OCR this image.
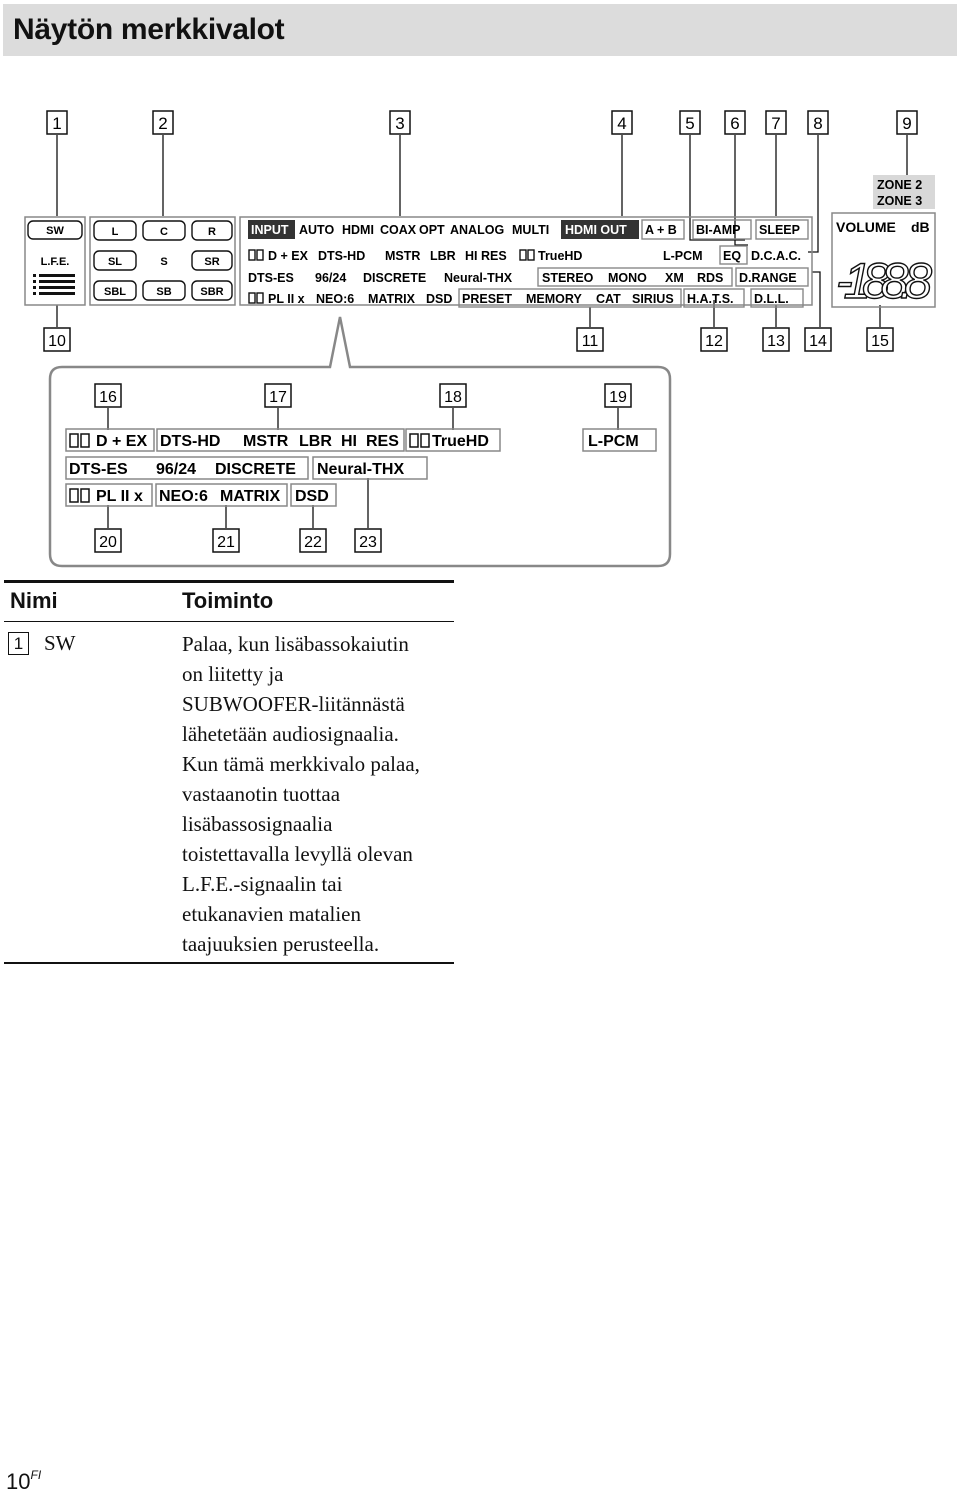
Näytön merkkivalot
1	2	3	4	5 6 7 8	9
10	11	12	13 14	15
SW
L.F.E.
L	C	R
SL	S	SR
SBL	SB	SBR
INPUT AUTO HDMI COAX OPT ANALOG MULTI HDMI OUT A + B BI-AMP SLEEP
D + EX DTS-HD MSTR LBR HI RES	TrueHD	L-PCM EQ D.C.A.C.
DTS-ES 96/24 DISCRETE Neural-THX STEREO MONO XM RDS D.RANGE
PL II x NEO:6 MATRIX DSD PRESET MEMORY CAT SIRIUS H.A.T.S. D.L.L.
ZONE 2
ZONE 3
VOLUME dB
-188.8
16	17	18	19
20	21	22 23
D + EX DTS-HD MSTR LBR HI RES TrueHD	L-PCM
DTS-ES 96/24 DISCRETE Neural-THX
PL II x NEO:6 MATRIX DSD
Nimi	Toiminto
1 SW	Palaa, kun lisäbassokaiutin
on liitetty ja
SUBWOOFER-liitännästä
lähetetään audiosignaalia.
Kun tämä merkkivalo palaa,
vastaanotin tuottaa
lisäbassosignaalia
toistettavalla levyllä olevan
L.F.E.-signaalin tai
etukanavien matalien
taajuuksien perusteella.
$10^{FI}$
